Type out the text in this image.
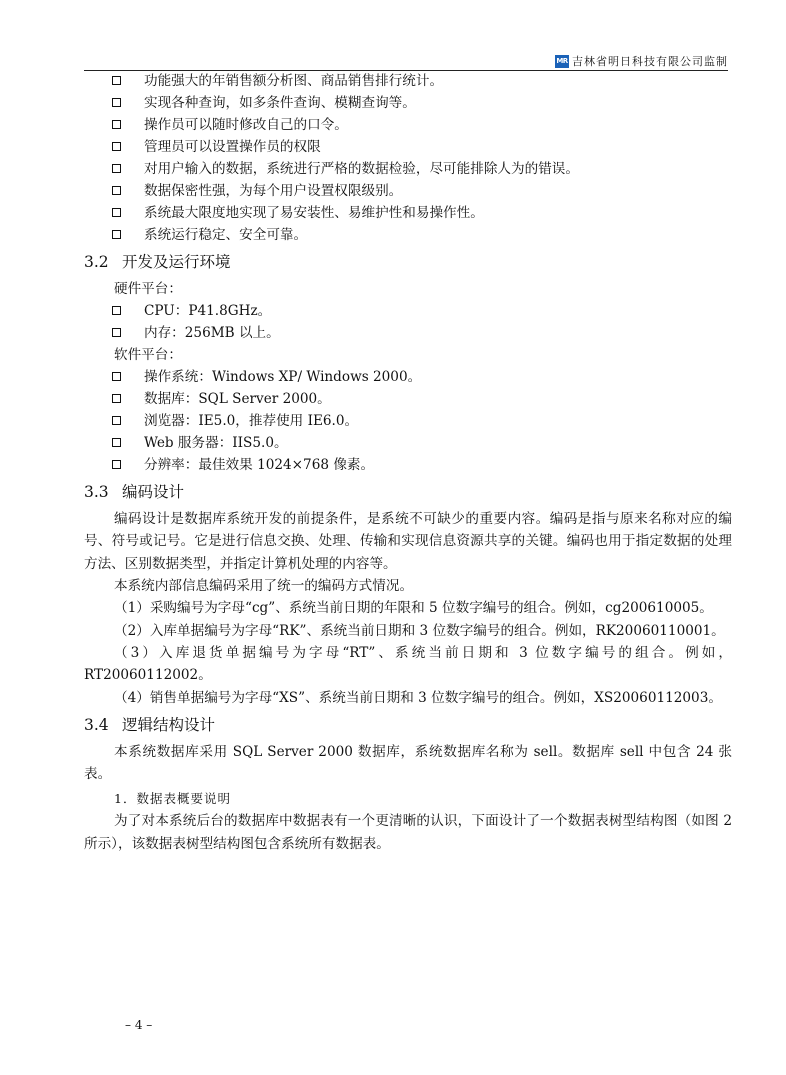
MR 吉林省明日科技有限公司监制
功能强大的年销售额分析图、商品销售排行统计。
实现各种查询，如多条件查询、模糊查询等。
操作员可以随时修改自己的口令。
管理员可以设置操作员的权限
对用户输入的数据，系统进行严格的数据检验，尽可能排除人为的错误。
数据保密性强，为每个用户设置权限级别。
系统最大限度地实现了易安装性、易维护性和易操作性。
系统运行稳定、安全可靠。
3.2 开发及运行环境
硬件平台：
CPU：P41.8GHz。
内存：256MB 以上。
软件平台：
操作系统：Windows XP/ Windows 2000。
数据库：SQL Server 2000。
浏览器：IE5.0，推荐使用 IE6.0。
Web 服务器：IIS5.0。
分辨率：最佳效果 1024×768 像素。
3.3 编码设计

编码设计是数据库系统开发的前提条件，是系统不可缺少的重要内容。编码是指与原来名称对应的编号、符号或记号。它是进行信息交换、处理、传输和实现信息资源共享的关键。编码也用于指定数据的处理方法、区别数据类型，并指定计算机处理的内容等。

本系统内部信息编码采用了统一的编码方式情况。

（1）采购编号为字母“cg”、系统当前日期的年限和 5 位数字编号的组合。例如，cg200610005。

（2）入库单据编号为字母“RK”、系统当前日期和 3 位数字编号的组合。例如，RK20060110001。

（3）入库退货单据编号为字母“RT”、系统当前日期和 3 位数字编号的组合。例如，RT20060112002。

（4）销售单据编号为字母“XS”、系统当前日期和 3 位数字编号的组合。例如，XS20060112003。

3.4 逻辑结构设计

本系统数据库采用 SQL Server 2000 数据库，系统数据库名称为 sell。数据库 sell 中包含 24 张表。

1．数据表概要说明

为了对本系统后台的数据库中数据表有一个更清晰的认识，下面设计了一个数据表树型结构图（如图 2 所示），该数据表树型结构图包含系统所有数据表。

– 4 –
